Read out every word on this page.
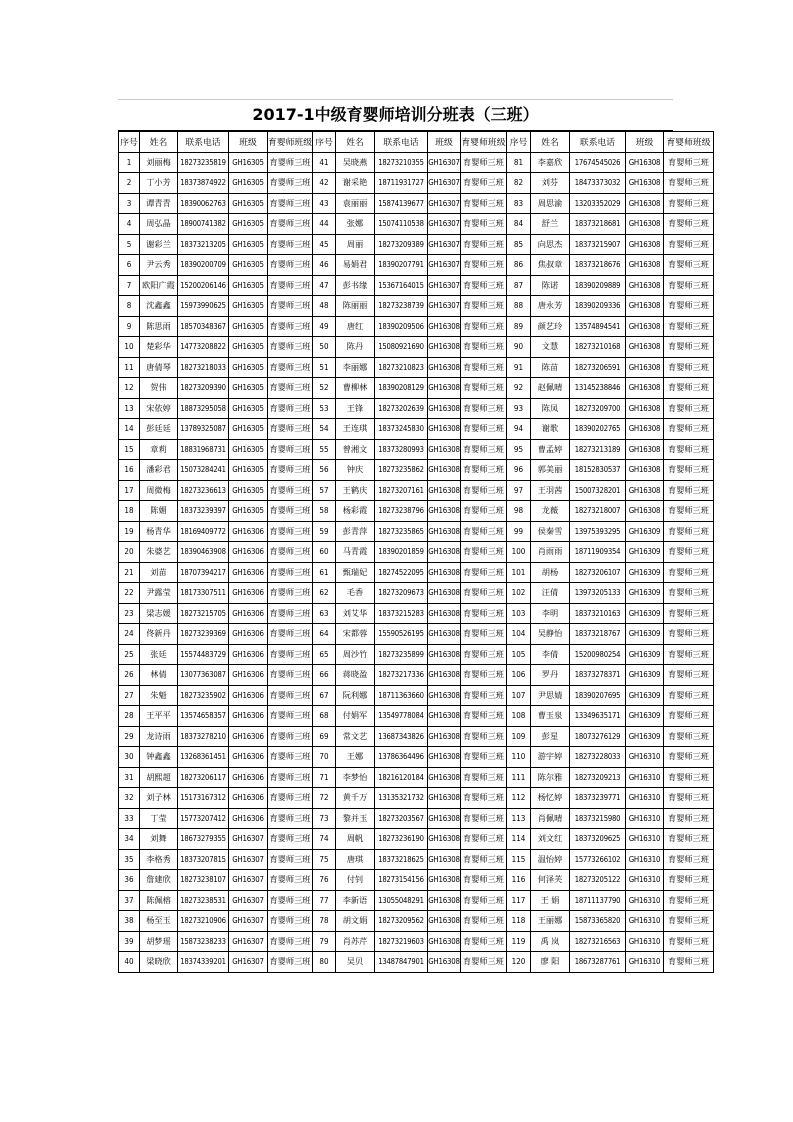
2017-1中级育婴师培训分班表（三班）
序号	姓名	联系电话	班级	育婴师班级	序号	姓名	联系电话	班级	育婴师班级	序号	姓名	联系电话	班级	育婴师班级
1	刘丽梅	18273235819	GH16305	育婴师三班	41	吴晓燕	18273210355	GH16307	育婴师三班	81	李嘉欣	17674545026	GH16308	育婴师三班
2	丁小芳	18373874922	GH16305	育婴师三班	42	谢采艳	18711931727	GH16307	育婴师三班	82	刘芬	18473373032	GH16308	育婴师三班
3	谭青青	18390062763	GH16305	育婴师三班	43	袁丽丽	15874139677	GH16307	育婴师三班	83	周思渝	13203352029	GH16308	育婴师三班
4	周弘晶	18900741382	GH16305	育婴师三班	44	张娜	15074110538	GH16307	育婴师三班	84	舒兰	18373218681	GH16308	育婴师三班
5	谢彩兰	18373213205	GH16305	育婴师三班	45	周丽	18273209389	GH16307	育婴师三班	85	向思杰	18373215907	GH16308	育婴师三班
6	尹云秀	18390200709	GH16305	育婴师三班	46	易娟君	18390207791	GH16307	育婴师三班	86	焦叔章	18373218676	GH16308	育婴师三班
7	欧阳广霞	15200206146	GH16305	育婴师三班	47	彭书缘	15367164015	GH16307	育婴师三班	87	陈诺	18390209889	GH16308	育婴师三班
8	沈鑫鑫	15973990625	GH16305	育婴师三班	48	陈丽丽	18273238739	GH16307	育婴师三班	88	唐永芳	18390209336	GH16308	育婴师三班
9	陈思雨	18570348367	GH16305	育婴师三班	49	唐红	18390209506	GH16308	育婴师三班	89	颜艺玲	13574894541	GH16308	育婴师三班
10	楚彩华	14773208822	GH16305	育婴师三班	50	陈丹	15080921690	GH16308	育婴师三班	90	文慧	18273210168	GH16308	育婴师三班
11	唐倩琴	18273218033	GH16305	育婴师三班	51	李丽娜	18273210823	GH16308	育婴师三班	91	陈苗	18273206591	GH16308	育婴师三班
12	贺伟	18273209390	GH16305	育婴师三班	52	曹柳林	18390208129	GH16308	育婴师三班	92	赵佩晴	13145238846	GH16308	育婴师三班
13	宋依婷	18873295058	GH16305	育婴师三班	53	王锋	18273202639	GH16308	育婴师三班	93	陈凤	18273209700	GH16308	育婴师三班
14	彭廷廷	13789325087	GH16305	育婴师三班	54	王连琪	18373245830	GH16308	育婴师三班	94	谢歌	18390202765	GH16308	育婴师三班
15	章莉	18831968731	GH16305	育婴师三班	55	曾湘文	18373280993	GH16308	育婴师三班	95	曹孟婷	18273213189	GH16308	育婴师三班
16	潘彩君	15073284241	GH16305	育婴师三班	56	钟庆	18273235862	GH16308	育婴师三班	96	郭美丽	18152830537	GH16308	育婴师三班
17	周微梅	18273236613	GH16305	育婴师三班	57	王鹤庆	18273207161	GH16308	育婴师三班	97	王羽茜	15007328201	GH16308	育婴师三班
18	陈媚	18373239397	GH16305	育婴师三班	58	杨彩霞	18273238796	GH16308	育婴师三班	98	龙薇	18273218007	GH16308	育婴师三班
19	杨青华	18169409772	GH16306	育婴师三班	59	彭青萍	18273235865	GH16308	育婴师三班	99	侯秦雪	13975393295	GH16309	育婴师三班
20	朱婆艺	18390463908	GH16306	育婴师三班	60	马青霞	18390201859	GH16308	育婴师三班	100	肖雨雨	18711909354	GH16309	育婴师三班
21	刘苗	18707394217	GH16306	育婴师三班	61	甄瑞妃	18274522095	GH16308	育婴师三班	101	胡杨	18273206107	GH16309	育婴师三班
22	尹露莹	18173307511	GH16306	育婴师三班	62	毛香	18273209673	GH16308	育婴师三班	102	汪倩	13973205133	GH16309	育婴师三班
23	梁志媛	18273215705	GH16306	育婴师三班	63	刘艾华	18373215283	GH16308	育婴师三班	103	李明	18373210163	GH16309	育婴师三班
24	佟新丹	18273239369	GH16306	育婴师三班	64	宋都蓉	15590526195	GH16308	育婴师三班	104	吴静怡	18373218767	GH16309	育婴师三班
25	张廷	15574483729	GH16306	育婴师三班	65	周沙竹	18273235899	GH16308	育婴师三班	105	李倩	15200980254	GH16309	育婴师三班
26	林倩	13077363087	GH16306	育婴师三班	66	蒋晓盈	18273217336	GH16308	育婴师三班	106	罗丹	18373278371	GH16309	育婴师三班
27	朱魁	18273235902	GH16306	育婴师三班	67	阮利娜	18711363660	GH16308	育婴师三班	107	尹思婧	18390207695	GH16309	育婴师三班
28	王平平	13574658357	GH16306	育婴师三班	68	付娟军	13549778084	GH16308	育婴师三班	108	曹玉泉	13349635171	GH16309	育婴师三班
29	龙诗雨	18373278210	GH16306	育婴师三班	69	常文艺	13687343826	GH16308	育婴师三班	109	彭星	18073276129	GH16309	育婴师三班
30	钟鑫鑫	13268361451	GH16306	育婴师三班	70	王娜	13786364496	GH16308	育婴师三班	110	游宇婷	18273228033	GH16310	育婴师三班
31	胡熙超	18273206117	GH16306	育婴师三班	71	李梦怡	18216120184	GH16308	育婴师三班	111	陈尔雅	18273209213	GH16310	育婴师三班
32	刘子林	15173167312	GH16306	育婴师三班	72	黄千万	13135321732	GH16308	育婴师三班	112	杨忆婷	18373239771	GH16310	育婴师三班
33	丁莹	15773207412	GH16306	育婴师三班	73	黎并玉	18273203567	GH16308	育婴师三班	113	肖佩晴	18373215980	GH16310	育婴师三班
34	刘舞	18673279355	GH16307	育婴师三班	74	周帆	18273236190	GH16308	育婴师三班	114	刘文红	18373209625	GH16310	育婴师三班
35	李格秀	18373207815	GH16307	育婴师三班	75	唐琪	18373218625	GH16308	育婴师三班	115	温怡婷	15773266102	GH16310	育婴师三班
36	詹建欣	18273238107	GH16307	育婴师三班	76	付钊	18273154156	GH16308	育婴师三班	116	何泽芙	18273205122	GH16310	育婴师三班
37	陈佩榕	18273238531	GH16307	育婴师三班	77	李新语	13055048291	GH16308	育婴师三班	117	王 娟	18711137790	GH16310	育婴师三班
38	杨至玉	18273210906	GH16307	育婴师三班	78	胡文娟	18273209562	GH16308	育婴师三班	118	王丽娜	15873365820	GH16310	育婴师三班
39	胡梦瑶	15873238233	GH16307	育婴师三班	79	肖苏芹	18273219603	GH16308	育婴师三班	119	禹 岚	18273216563	GH16310	育婴师三班
40	梁晓欣	18374339201	GH16307	育婴师三班	80	吴贝	13487847901	GH16308	育婴师三班	120	廖 阳	18673287761	GH16310	育婴师三班
